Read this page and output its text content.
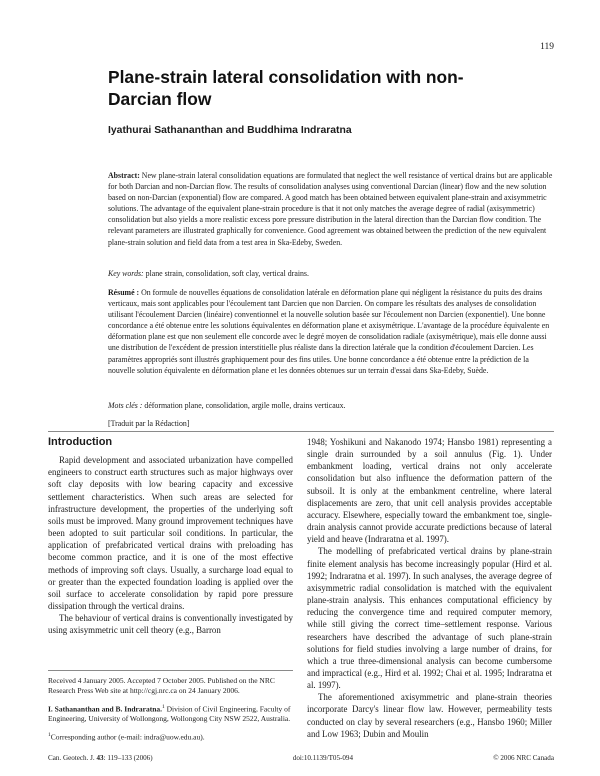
119
Plane-strain lateral consolidation with non-
Darcian flow
Iyathurai Sathananthan and Buddhima Indraratna

Abstract: New plane-strain lateral consolidation equations are formulated that neglect the well resistance of vertical drains but are applicable for both Darcian and non-Darcian flow. The results of consolidation analyses using conventional Darcian (linear) flow and the new solution based on non-Darcian (exponential) flow are compared. A good match has been obtained between equivalent plane-strain and axisymmetric solutions. The advantage of the equivalent plane-strain procedure is that it not only matches the average degree of radial (axisymmetric) consolidation but also yields a more realistic excess pore pressure distribution in the lateral direction than the Darcian flow condition. The relevant parameters are illustrated graphically for convenience. Good agreement was obtained between the prediction of the new equivalent plane-strain solution and field data from a test area in Ska-Edeby, Sweden.

Key words: plane strain, consolidation, soft clay, vertical drains.

Résumé : On formule de nouvelles équations de consolidation latérale en déformation plane qui négligent la résistance du puits des drains verticaux, mais sont applicables pour l'écoulement tant Darcien que non Darcien. On compare les résultats des analyses de consolidation utilisant l'écoulement Darcien (linéaire) conventionnel et la nouvelle solution basée sur l'écoulement non Darcien (exponentiel). Une bonne concordance a été obtenue entre les solutions équivalentes en déformation plane et axisymétrique. L'avantage de la procédure équivalente en déformation plane est que non seulement elle concorde avec le degré moyen de consolidation radiale (axisymétrique), mais elle donne aussi une distribution de l'excédent de pression interstitielle plus réaliste dans la direction latérale que la condition d'écoulement Darcien. Les paramètres appropriés sont illustrés graphiquement pour des fins utiles. Une bonne concordance a été obtenue entre la prédiction de la nouvelle solution équivalente en déformation plane et les données obtenues sur un terrain d'essai dans Ska-Edeby, Suède.

Mots clés : déformation plane, consolidation, argile molle, drains verticaux.

[Traduit par la Rédaction]
Introduction

Rapid development and associated urbanization have compelled engineers to construct earth structures such as major highways over soft clay deposits with low bearing capacity and excessive settlement characteristics. When such areas are selected for infrastructure development, the properties of the underlying soft soils must be improved. Many ground improvement techniques have been adopted to suit particular soil conditions. In particular, the application of prefabricated vertical drains with preloading has become common practice, and it is one of the most effective methods of improving soft clays. Usually, a surcharge load equal to or greater than the expected foundation loading is applied over the soil surface to accelerate consolidation by rapid pore pressure dissipation through the vertical drains.

The behaviour of vertical drains is conventionally investigated by using axisymmetric unit cell theory (e.g., Barron

1948; Yoshikuni and Nakanodo 1974; Hansbo 1981) representing a single drain surrounded by a soil annulus (Fig. 1). Under embankment loading, vertical drains not only accelerate consolidation but also influence the deformation pattern of the subsoil. It is only at the embankment centreline, where lateral displacements are zero, that unit cell analysis provides acceptable accuracy. Elsewhere, especially toward the embankment toe, single-drain analysis cannot provide accurate predictions because of lateral yield and heave (Indraratna et al. 1997).

The modelling of prefabricated vertical drains by plane-strain finite element analysis has become increasingly popular (Hird et al. 1992; Indraratna et al. 1997). In such analyses, the average degree of axisymmetric radial consolidation is matched with the equivalent plane-strain analysis. This enhances computational efficiency by reducing the convergence time and required computer memory, while still giving the correct time–settlement response. Various researchers have described the advantage of such plane-strain solutions for field studies involving a large number of drains, for which a true three-dimensional analysis can become cumbersome and impractical (e.g., Hird et al. 1992; Chai et al. 1995; Indraratna et al. 1997).

The aforementioned axisymmetric and plane-strain theories incorporate Darcy's linear flow law. However, permeability tests conducted on clay by several researchers (e.g., Hansbo 1960; Miller and Low 1963; Dubin and Moulin

Received 4 January 2005. Accepted 7 October 2005. Published on the NRC Research Press Web site at http://cgj.nrc.ca on 24 January 2006.

I. Sathananthan and B. Indraratna.$^1$ Division of Civil Engineering, Faculty of Engineering, University of Wollongong, Wollongong City NSW 2522, Australia.

$^1$Corresponding author (e-mail: indra@uow.edu.au).

Can. Geotech. J. 43: 119–133 (2006)	doi:10.1139/T05-094	© 2006 NRC Canada
